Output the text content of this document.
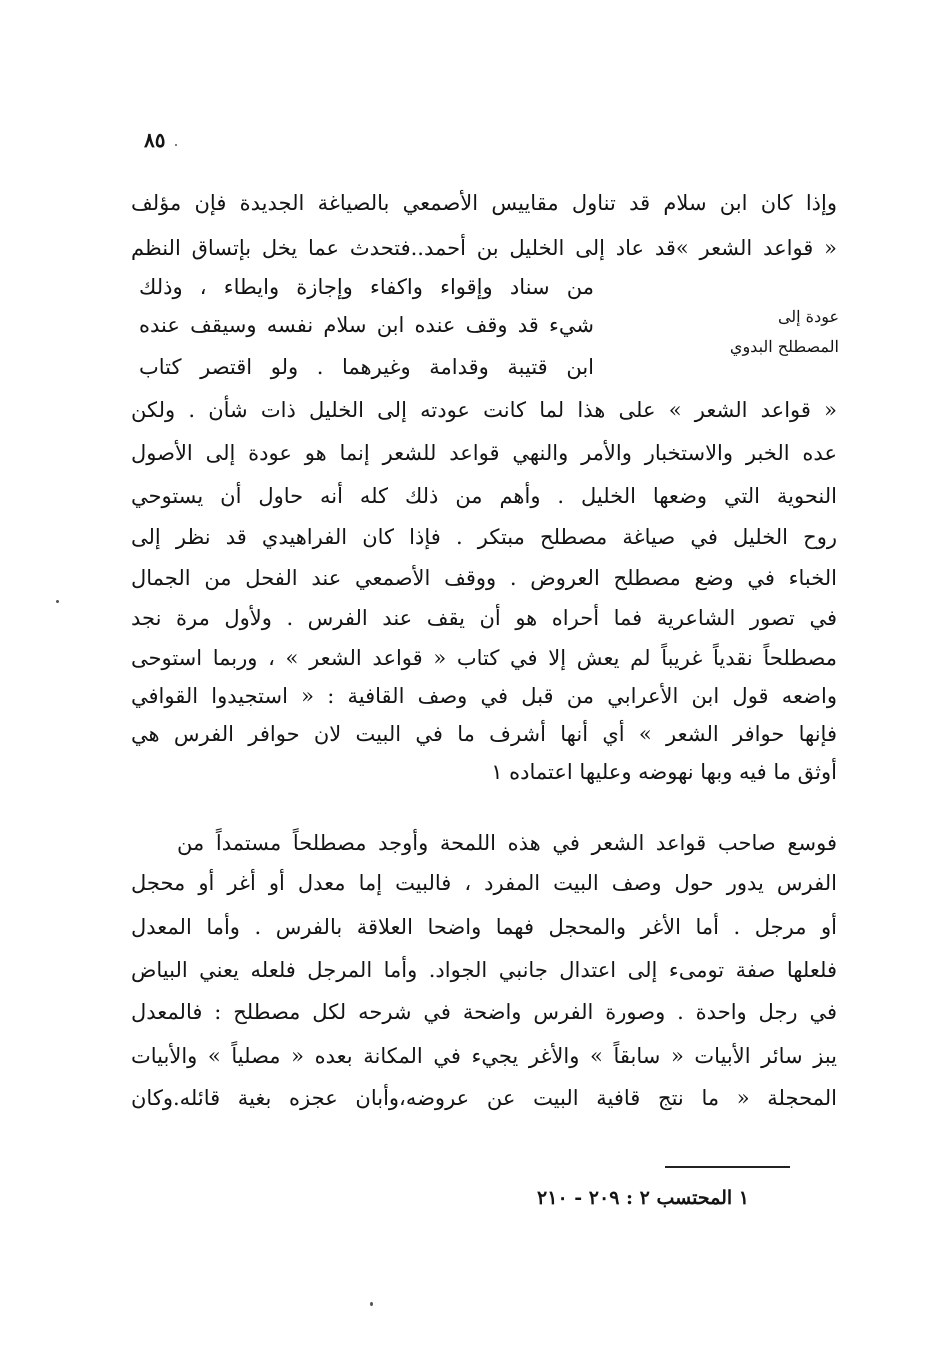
٨٥
وإذا كان ابن سلام قد تناول مقاييس الأصمعي بالصياغة الجديدة فإن مؤلف
« قواعد الشعر »قد عاد إلى الخليل بن أحمد..فتحدث عما يخل بإتساق النظم
من سناد وإقواء واكفاء وإجازة وايطاء ، وذلك
شيء قد وقف عنده ابن سلام نفسه وسيقف عنده
ابن قتيبة وقدامة وغيرهما . ولو اقتصر كتاب
عودة إلى المصطلح البدوي
« قواعد الشعر » على هذا لما كانت عودته إلى الخليل ذات شأن . ولكن
عده الخبر والاستخبار والأمر والنهي قواعد للشعر إنما هو عودة إلى الأصول
النحوية التي وضعها الخليل . وأهم من ذلك كله أنه حاول أن يستوحي
روح الخليل في صياغة مصطلح مبتكر . فإذا كان الفراهيدي قد نظر إلى
الخباء في وضع مصطلح العروض . ووقف الأصمعي عند الفحل من الجمال
في تصور الشاعرية فما أحراه هو أن يقف عند الفرس . ولأول مرة نجد
مصطلحاً نقدياً غريباً لم يعش إلا في كتاب « قواعد الشعر » ، وربما استوحى
واضعه قول ابن الأعرابي من قبل في وصف القافية : « استجيدوا القوافي
فإنها حوافر الشعر » أي أنها أشرف ما في البيت لان حوافر الفرس هي
أوثق ما فيه وبها نهوضه وعليها اعتماده ١
فوسع صاحب قواعد الشعر في هذه اللمحة وأوجد مصطلحاً مستمداً من
الفرس يدور حول وصف البيت المفرد ، فالبيت إما معدل أو أغر أو محجل
أو مرجل . أما الأغر والمحجل فهما واضحا العلاقة بالفرس . وأما المعدل
فلعلها صفة تومىء إلى اعتدال جانبي الجواد. وأما المرجل فلعله يعني البياض
في رجل واحدة . وصورة الفرس واضحة في شرحه لكل مصطلح : فالمعدل
يبز سائر الأبيات « سابقاً » والأغر يجيء في المكانة بعده « مصلياً » والأبيات
المحجلة « ما نتج قافية البيت عن عروضه،وأبان عجزه بغية قائله.وكان
١ المحتسب ٢ : ٢٠٩ - ٢١٠
